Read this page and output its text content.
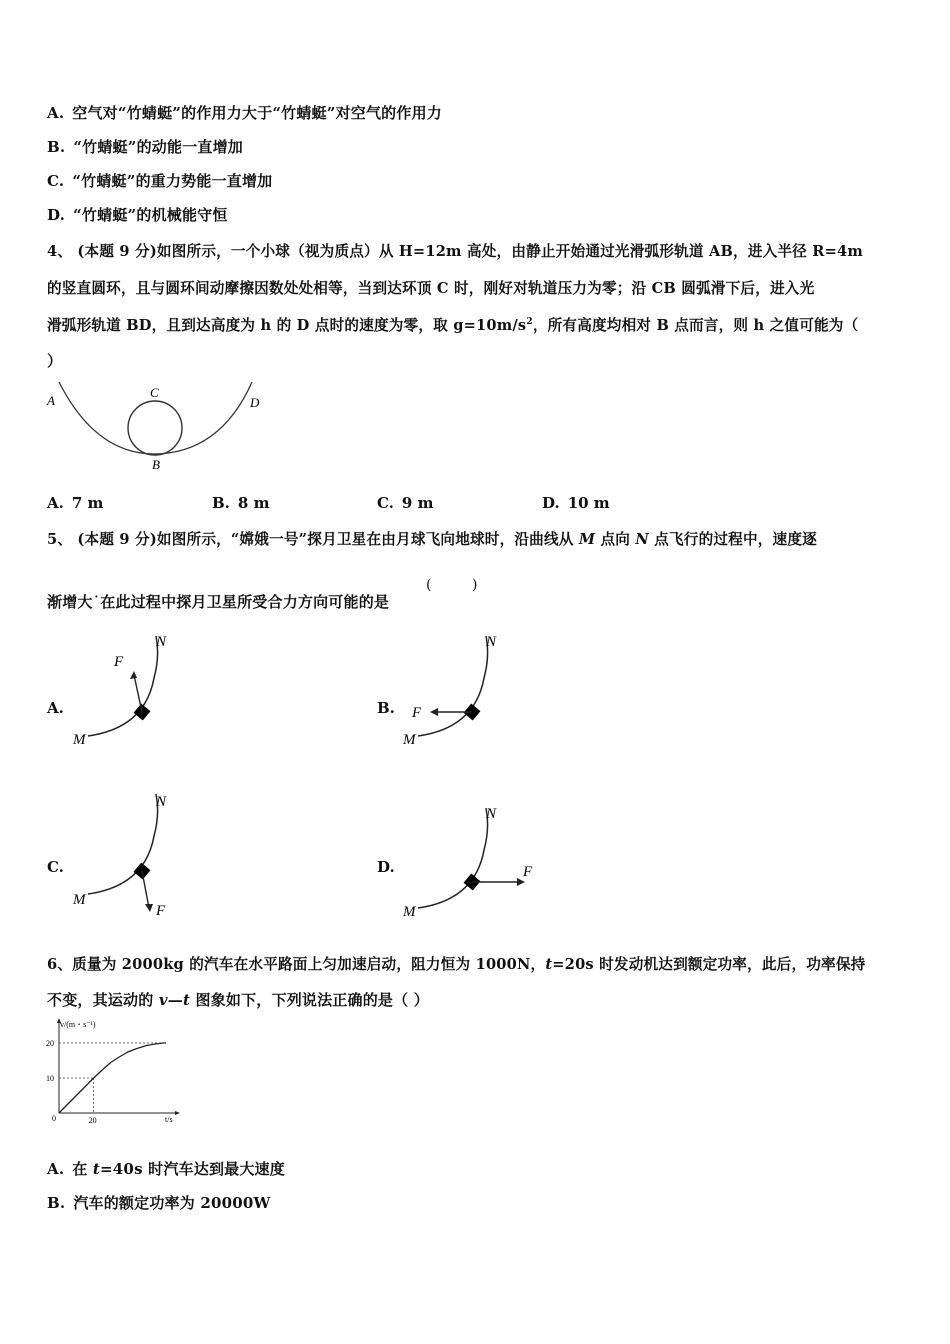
A. 空气对“竹蜻蜓”的作用力大于“竹蜻蜓”对空气的作用力
B. “竹蜻蜓”的动能一直增加
C. “竹蜻蜓”的重力势能一直增加
D. “竹蜻蜓”的机械能守恒
4、 (本题 9 分)如图所示，一个小球（视为质点）从 H=12m 高处，由静止开始通过光滑弧形轨道 AB，进入半径 R=4m
的竖直圆环，且与圆环间动摩擦因数处处相等，当到达环顶 C 时，刚好对轨道压力为零；沿 CB 圆弧滑下后，进入光
滑弧形轨道 BD，且到达高度为 h 的 D 点时的速度为零，取 $g=10m/s^2$，所有高度均相对 B 点而言，则 h 之值可能为（
）
A
C
D
B
A. 7 m	B. 8 m	C. 9 m	D. 10 m
5、 (本题 9 分)如图所示，“嫦娥一号”探月卫星在由月球飞向地球时，沿曲线从 M 点向 N 点飞行的过程中，速度逐
渐增大˙在此过程中探月卫星所受合力方向可能的是
(	)
A.	B.
C.	D.
F
N
M
F
N
M
F
N
M
F
N
M
6、质量为 2000kg 的汽车在水平路面上匀加速启动，阻力恒为 1000N，t=20s 时发动机达到额定功率，此后，功率保持
不变，其运动的 v—t 图象如下，下列说法正确的是（ ）
v/(m・s⁻¹)
t/s
20
10
20
0
A. 在 t=40s 时汽车达到最大速度
B. 汽车的额定功率为 20000W
